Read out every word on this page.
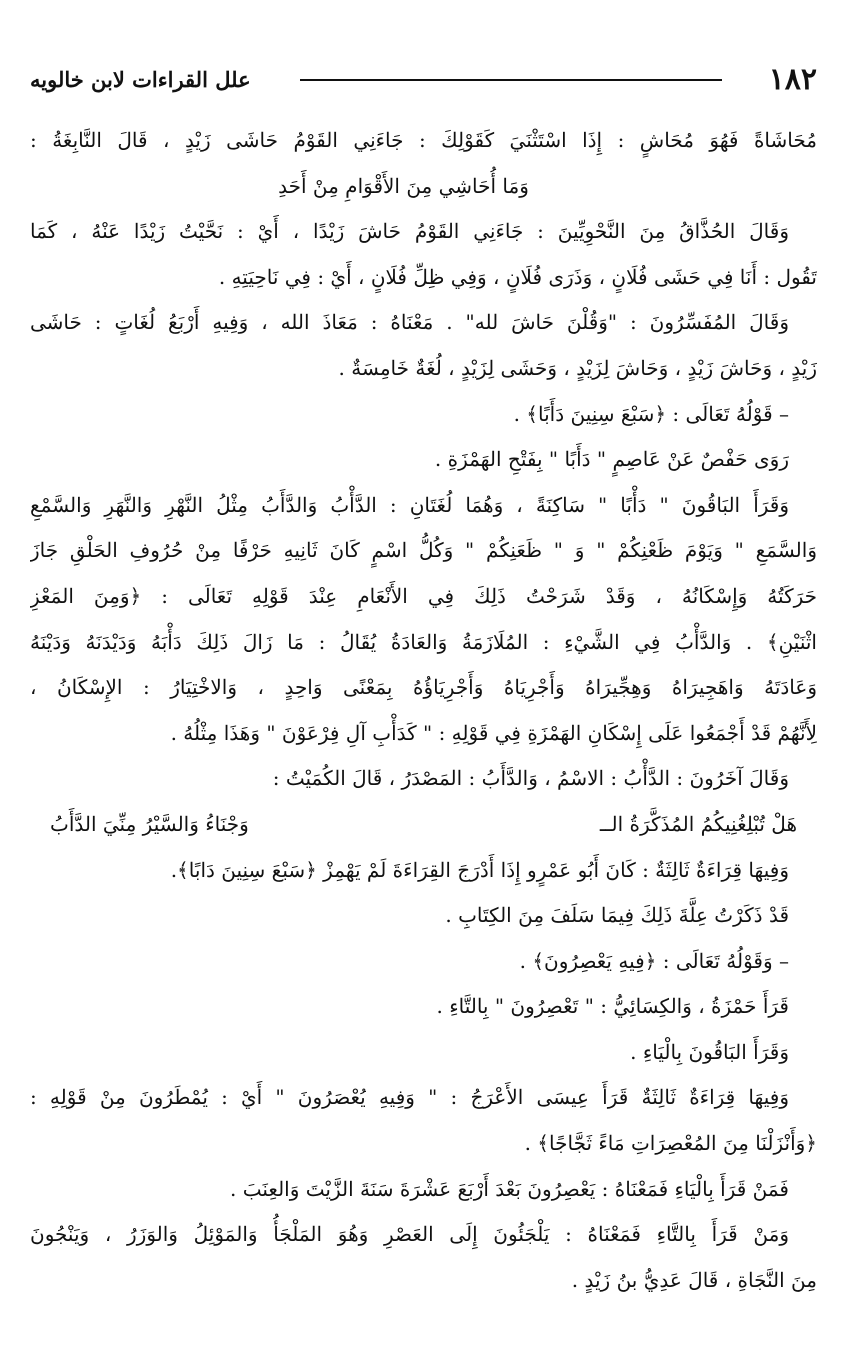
١٨٢
علل القراءات لابن خالويه
مُحَاشَاةً فَهُوَ مُحَاشٍ : إِذَا اسْتَثْنَيَ كَقَوْلِكَ : جَاءَنِي القَوْمُ حَاشَى زَيْدٍ ، قَالَ النَّابِغَةُ :
وَمَا أُحَاشِي مِنَ الأَقْوَامِ مِنْ أَحَدِ
وَقَالَ الحُذَّاقُ مِنَ النَّحْوِيِّينَ : جَاءَنِي القَوْمُ حَاشَ زَيْدًا ، أَيْ : نَحَّيْتُ زَيْدًا عَنْهُ ، كَمَا
تَقُول : أَنَا فِي حَشَى فُلَانٍ ، وَذَرَى فُلَانٍ ، وَفِي ظِلِّ فُلَانٍ ، أَيْ : فِي نَاحِيَتِهِ .
وَقَالَ المُفَسِّرُونَ : "وَقُلْنَ حَاشَ لله" . مَعْنَاهُ : مَعَاذَ الله ، وَفِيهِ أَرْبَعُ لُغَاتٍ : حَاشَى
زَيْدٍ ، وَحَاشَ زَيْدٍ ، وَحَاشَ لِزَيْدٍ ، وَحَشَى لِزَيْدٍ ، لُغَةٌ خَامِسَةٌ .
– قَوْلُهُ تَعَالَى : ﴿سَبْعَ سِنِينَ دَأَبًا﴾ .
رَوَى حَفْصٌ عَنْ عَاصِمٍ " دَأَبًا " بِفَتْحِ الهَمْزَةِ .
وَقَرَأَ البَاقُونَ " دَأْبًا " سَاكِنَةً ، وَهُمَا لُغَتَانِ : الدَّأْبُ وَالدَّأَبُ مِثْلُ النَّهْرِ وَالنَّهَرِ وَالسَّمْعِ
وَالسَّمَعِ " وَيَوْمَ ظَعْنِكُمْ " وَ " ظَعَنِكُمْ " وَكُلُّ اسْمٍ كَانَ ثَانِيهِ حَرْفًا مِنْ حُرُوفِ الحَلْقِ جَازَ
حَرَكَتُهُ وَإِسْكَانُهُ ، وَقَدْ شَرَحْتُ ذَلِكَ فِي الأَنْعَامِ عِنْدَ قَوْلِهِ تَعَالَى : ﴿وَمِنَ المَعْزِ
اثْنَيْنِ﴾ . وَالدَّأْبُ فِي الشَّيْءِ : المُلَازَمَةُ وَالعَادَةُ يُقَالُ : مَا زَالَ ذَلِكَ دَأْبَهُ وَدَيْدَنَهُ وَدَيْنَهُ
وَعَادَتَهُ وَاهَجِيرَاهُ وَهِجِّيرَاهُ وَأَجْرِيَاهُ وَأَجْرِيَاؤُهُ بِمَعْنًى وَاحِدٍ ، وَالاخْتِيَارُ : الإِسْكَانُ ،
لِأَنَّهُمْ قَدْ أَجْمَعُوا عَلَى إِسْكَانِ الهَمْزَةِ فِي قَوْلِهِ : " كَدَأْبِ آلِ فِرْعَوْنَ " وَهَذَا مِثْلُهُ .
وَقَالَ آخَرُونَ : الدَّأْبُ : الاسْمُ ، وَالدَّأَبُ : المَصْدَرُ ، قَالَ الكُمَيْتُ :
هَلْ تُبْلِغُنِيكُمُ المُذَكَّرَةُ الــ
وَجْنَاءُ وَالسَّيْرُ مِنِّيَ الدَّأَبُ
وَفِيهَا قِرَاءَةٌ ثَالِثَةٌ : كَانَ أَبُو عَمْرٍو إِذَا أَدْرَجَ القِرَاءَةَ لَمْ يَهْمِزْ ﴿سَبْعَ سِنِينَ دَابًا﴾.
قَدْ ذَكَرْتُ عِلَّةَ ذَلِكَ فِيمَا سَلَفَ مِنَ الكِتَابِ .
– وَقَوْلُهُ تَعَالَى : ﴿فِيهِ يَعْصِرُونَ﴾ .
قَرَأَ حَمْزَةُ ، وَالكِسَائِيُّ : " تَعْصِرُونَ " بِالتَّاءِ .
وَقَرَأَ البَاقُونَ بِالْيَاءِ .
وَفِيهَا قِرَاءَةٌ ثَالِثَةٌ قَرَأَ عِيسَى الأَعْرَجُ : " وَفِيهِ يُعْصَرُونَ " أَيْ : يُمْطَرُونَ مِنْ قَوْلِهِ :
﴿وَأَنْزَلْنَا مِنَ المُعْصِرَاتِ مَاءً ثَجَّاجًا﴾ .
فَمَنْ قَرَأَ بِالْيَاءِ فَمَعْنَاهُ : يَعْصِرُونَ بَعْدَ أَرْبَعَ عَشْرَةَ سَنَةَ الزَّيْتَ وَالعِنَبَ .
وَمَنْ قَرَأَ بِالتَّاءِ فَمَعْنَاهُ : يَلْجَئُونَ إِلَى العَصْرِ وَهُوَ المَلْجَأُ وَالمَوْئِلُ وَالوَزَرُ ، وَيَنْجُونَ
مِنَ النَّجَاةِ ، قَالَ عَدِيُّ بنُ زَيْدٍ .
